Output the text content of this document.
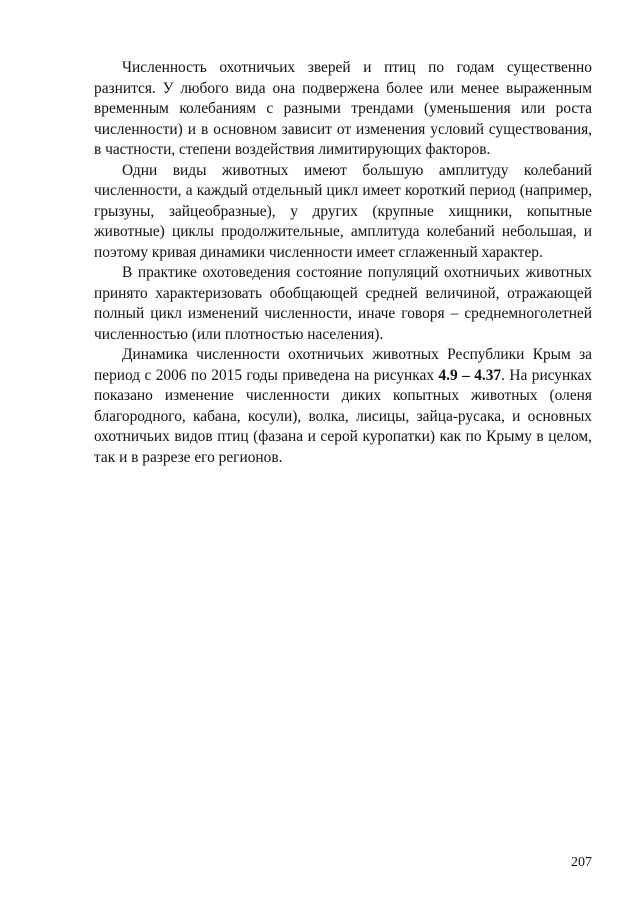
Численность охотничьих зверей и птиц по годам существенно разнится. У любого вида она подвержена более или менее выраженным временным колебаниям с разными трендами (уменьшения или роста численности) и в основном зависит от изменения условий существования, в частности, степени воздействия лимитирующих факторов.

Одни виды животных имеют большую амплитуду колебаний численности, а каждый отдельный цикл имеет короткий период (например, грызуны, зайцеобразные), у других (крупные хищники, копытные животные) циклы продолжительные, амплитуда колебаний небольшая, и поэтому кривая динамики численности имеет сглаженный характер.

В практике охотоведения состояние популяций охотничьих животных принято характеризовать обобщающей средней величиной, отражающей полный цикл изменений численности, иначе говоря – среднемноголетней численностью (или плотностью населения).

Динамика численности охотничьих животных Республики Крым за период с 2006 по 2015 годы приведена на рисунках 4.9 – 4.37. На рисунках показано изменение численности диких копытных животных (оленя благородного, кабана, косули), волка, лисицы, зайца-русака, и основных охотничьих видов птиц (фазана и серой куропатки) как по Крыму в целом, так и в разрезе его регионов.

207
